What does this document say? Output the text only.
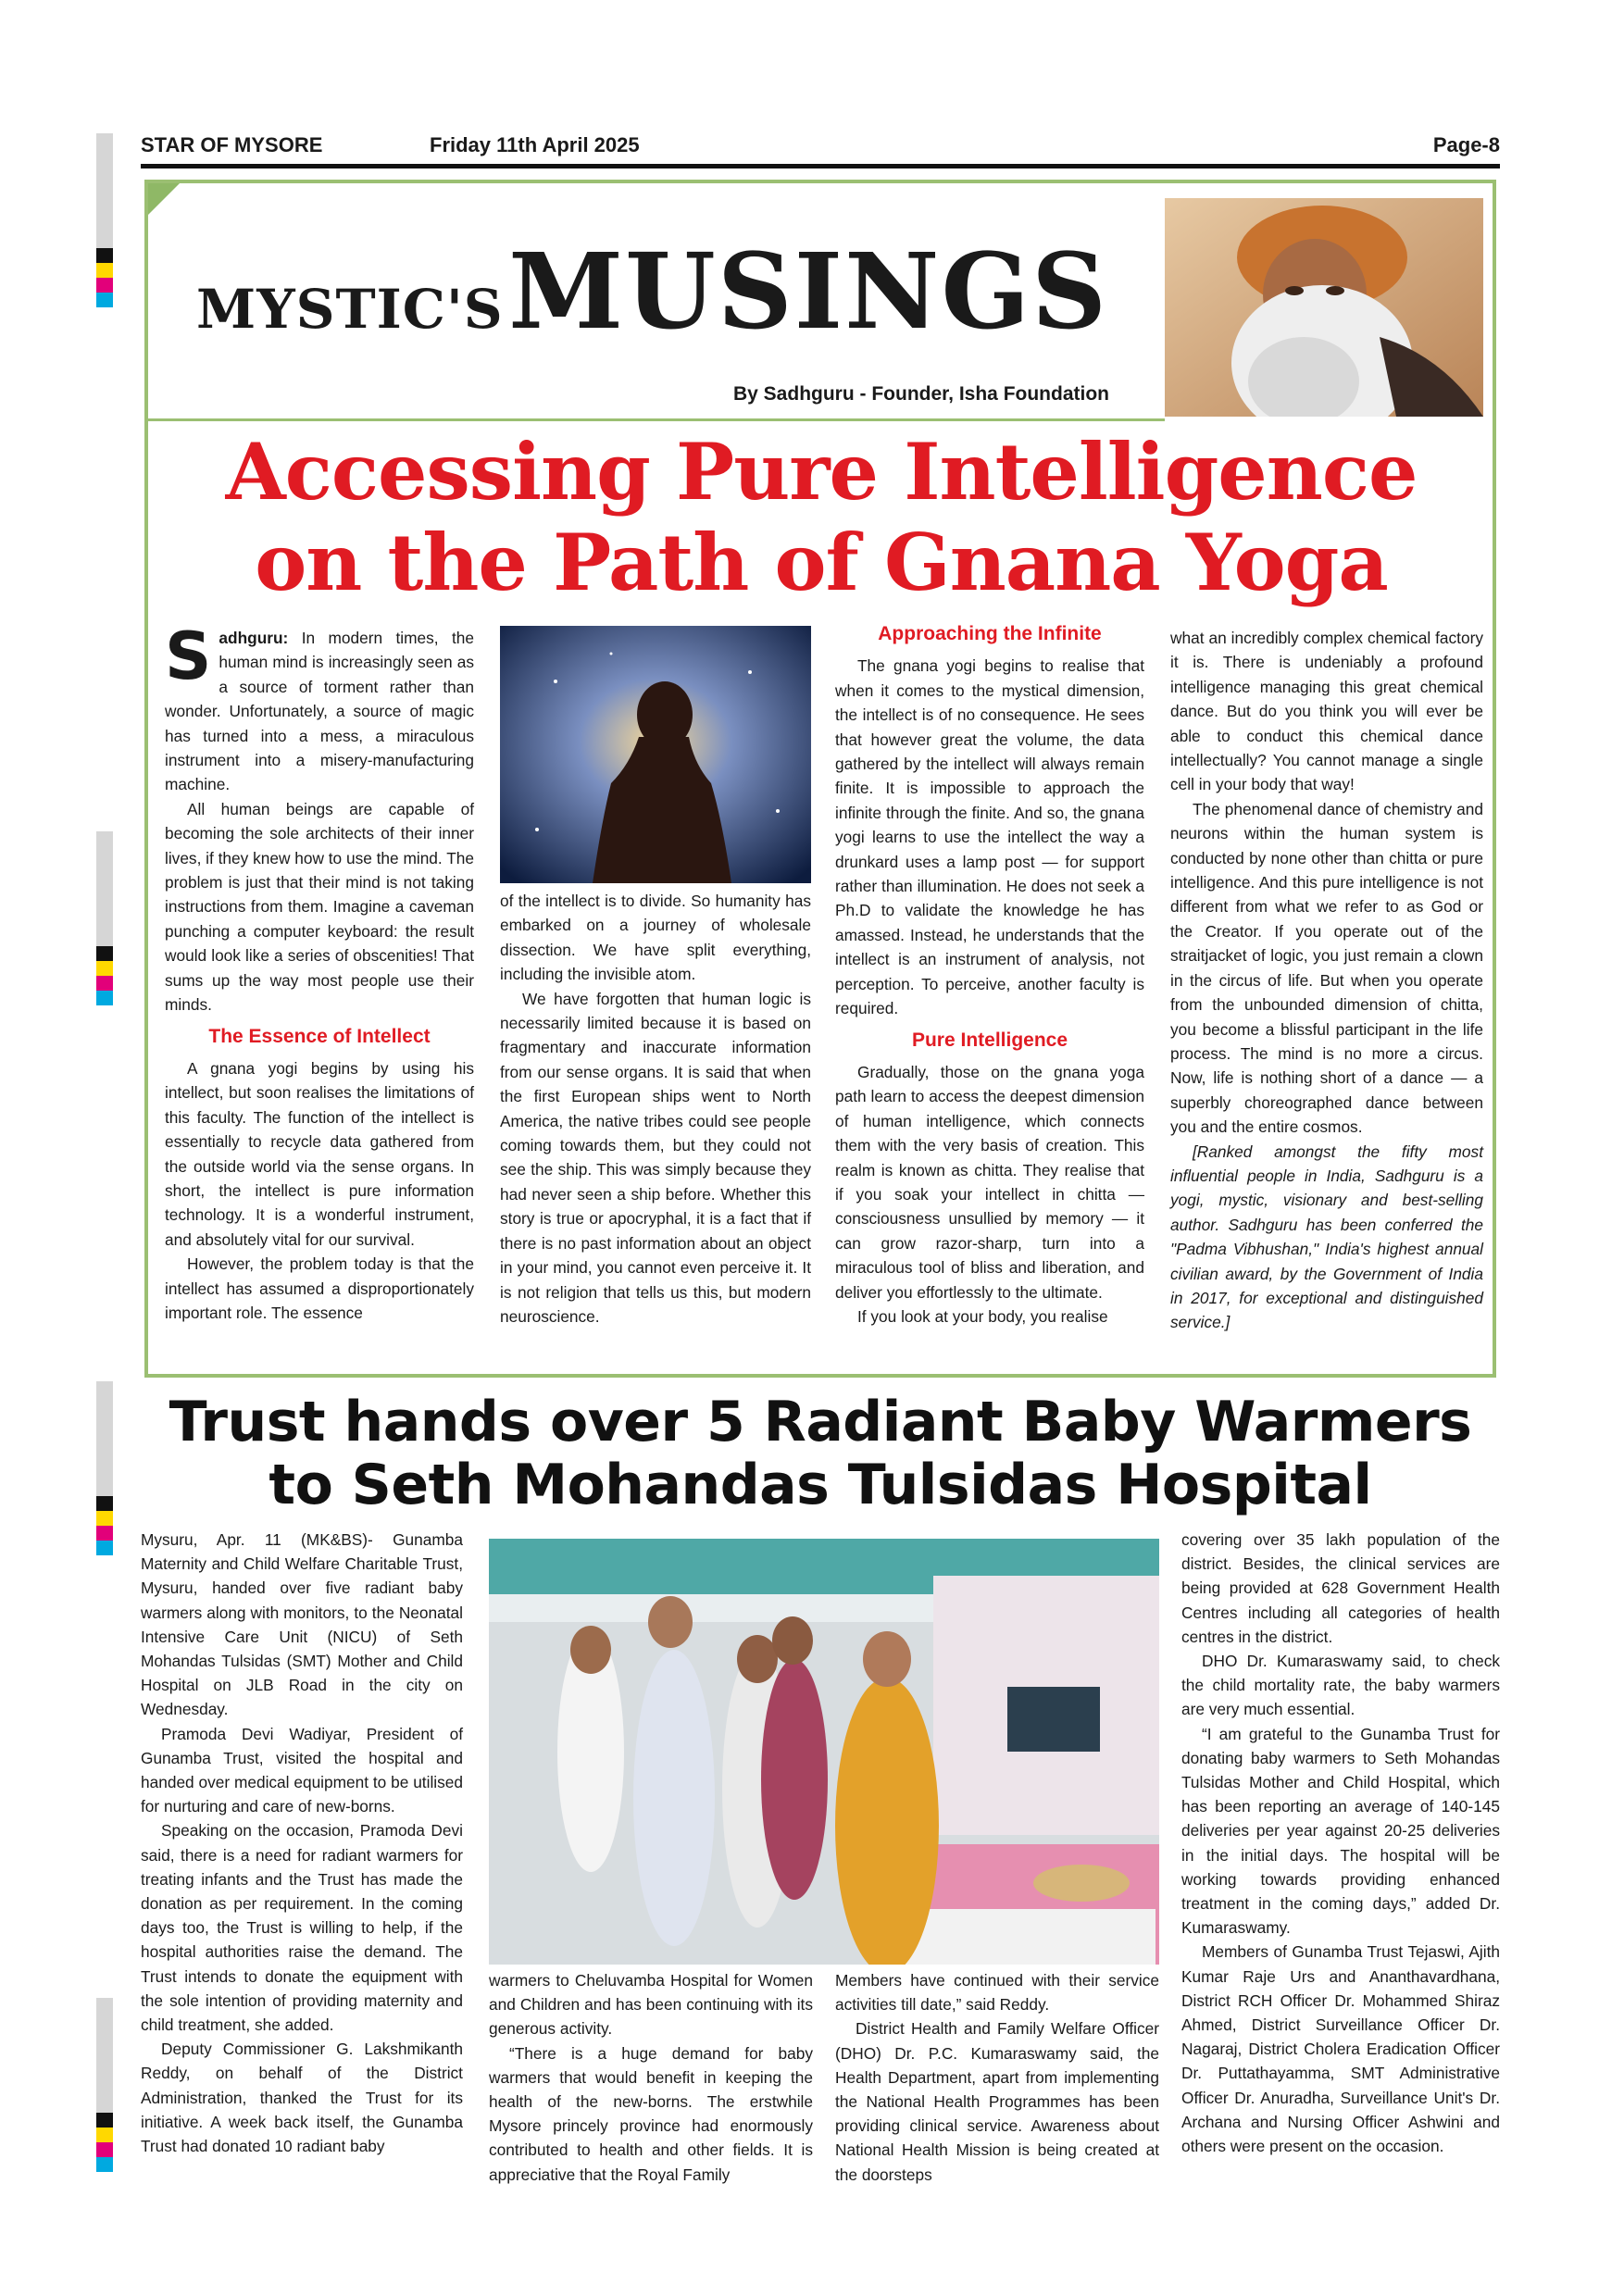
STAR OF MYSORE	Friday 11th April 2025	Page-8
MYSTIC'S MUSINGS
By Sadhguru - Founder, Isha Foundation
Accessing Pure Intelligence
on the Path of Gnana Yoga

Sadhguru: In modern times, the human mind is increasingly seen as a source of torment rather than wonder. Unfortunately, a source of magic has turned into a mess, a miraculous instrument into a misery-manufacturing machine.

All human beings are capable of becoming the sole architects of their inner lives, if they knew how to use the mind. The problem is just that their mind is not taking instructions from them. Imagine a caveman punching a computer keyboard: the result would look like a series of obscenities! That sums up the way most people use their minds.

The Essence of Intellect

A gnana yogi begins by using his intellect, but soon realises the limitations of this faculty. The function of the intellect is essentially to recycle data gathered from the outside world via the sense organs. In short, the intellect is pure information technology. It is a wonderful instrument, and absolutely vital for our survival.

However, the problem today is that the intellect has assumed a disproportionately important role. The essence

of the intellect is to divide. So humanity has embarked on a journey of wholesale dissection. We have split everything, including the invisible atom.

We have forgotten that human logic is necessarily limited because it is based on fragmentary and inaccurate information from our sense organs. It is said that when the first European ships went to North America, the native tribes could see people coming towards them, but they could not see the ship. This was simply because they had never seen a ship before. Whether this story is true or apocryphal, it is a fact that if there is no past information about an object in your mind, you cannot even perceive it. It is not religion that tells us this, but modern neuroscience.

Approaching the Infinite

The gnana yogi begins to realise that when it comes to the mystical dimension, the intellect is of no consequence. He sees that however great the volume, the data gathered by the intellect will always remain finite. It is impossible to approach the infinite through the finite. And so, the gnana yogi learns to use the intellect the way a drunkard uses a lamp post — for support rather than illumination. He does not seek a Ph.D to validate the knowledge he has amassed. Instead, he understands that the intellect is an instrument of analysis, not perception. To perceive, another faculty is required.

Pure Intelligence

Gradually, those on the gnana yoga path learn to access the deepest dimension of human intelligence, which connects them with the very basis of creation. This realm is known as chitta. They realise that if you soak your intellect in chitta — consciousness unsullied by memory — it can grow razor-sharp, turn into a miraculous tool of bliss and liberation, and deliver you effortlessly to the ultimate.

If you look at your body, you realise

what an incredibly complex chemical factory it is. There is undeniably a profound intelligence managing this great chemical dance. But do you think you will ever be able to conduct this chemical dance intellectually? You cannot manage a single cell in your body that way!

The phenomenal dance of chemistry and neurons within the human system is conducted by none other than chitta or pure intelligence. And this pure intelligence is not different from what we refer to as God or the Creator. If you operate out of the straitjacket of logic, you just remain a clown in the circus of life. But when you operate from the unbounded dimension of chitta, you become a blissful participant in the life process. The mind is no more a circus. Now, life is nothing short of a dance — a superbly choreographed dance between you and the entire cosmos.

[Ranked amongst the fifty most influential people in India, Sadhguru is a yogi, mystic, visionary and best-selling author. Sadhguru has been conferred the "Padma Vibhushan," India's highest annual civilian award, by the Government of India in 2017, for exceptional and distinguished service.]

Trust hands over 5 Radiant Baby Warmers
to Seth Mohandas Tulsidas Hospital

Mysuru, Apr. 11 (MK&BS)- Gunamba Maternity and Child Welfare Charitable Trust, Mysuru, handed over five radiant baby warmers along with monitors, to the Neonatal Intensive Care Unit (NICU) of Seth Mohandas Tulsidas (SMT) Mother and Child Hospital on JLB Road in the city on Wednesday.

Pramoda Devi Wadiyar, President of Gunamba Trust, visited the hospital and handed over medical equipment to be utilised for nurturing and care of new-borns.

Speaking on the occasion, Pramoda Devi said, there is a need for radiant warmers for treating infants and the Trust has made the donation as per requirement. In the coming days too, the Trust is willing to help, if the hospital authorities raise the demand. The Trust intends to donate the equipment with the sole intention of providing maternity and child treatment, she added.

Deputy Commissioner G. Lakshmikanth Reddy, on behalf of the District Administration, thanked the Trust for its initiative. A week back itself, the Gunamba Trust had donated 10 radiant baby

warmers to Cheluvamba Hospital for Women and Children and has been continuing with its generous activity.

“There is a huge demand for baby warmers that would benefit in keeping the health of the new-borns. The erstwhile Mysore princely province had enormously contributed to health and other fields. It is appreciative that the Royal Family

Members have continued with their service activities till date,” said Reddy.

District Health and Family Welfare Officer (DHO) Dr. P.C. Kumaraswamy said, the Health Department, apart from implementing the National Health Programmes has been providing clinical service. Awareness about National Health Mission is being created at the doorsteps

covering over 35 lakh population of the district. Besides, the clinical services are being provided at 628 Government Health Centres including all categories of health centres in the district.

DHO Dr. Kumaraswamy said, to check the child mortality rate, the baby warmers are very much essential.

“I am grateful to the Gunamba Trust for donating baby warmers to Seth Mohandas Tulsidas Mother and Child Hospital, which has been reporting an average of 140-145 deliveries per year against 20-25 deliveries in the initial days. The hospital will be working towards providing enhanced treatment in the coming days,” added Dr. Kumaraswamy.

Members of Gunamba Trust Tejaswi, Ajith Kumar Raje Urs and Ananthavardhana, District RCH Officer Dr. Mohammed Shiraz Ahmed, District Surveillance Officer Dr. Nagaraj, District Cholera Eradication Officer Dr. Puttathayamma, SMT Administrative Officer Dr. Anuradha, Surveillance Unit's Dr. Archana and Nursing Officer Ashwini and others were present on the occasion.
